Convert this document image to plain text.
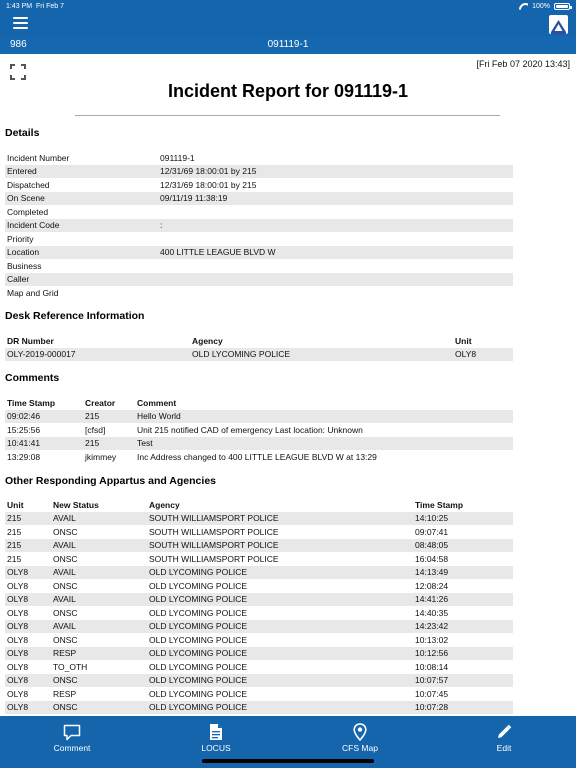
1:43 PM Fri Feb 7	100%
986	091119-1
[Fri Feb 07 2020 13:43]
Incident Report for 091119-1
Details
Incident Number	091119-1
Entered	12/31/69 18:00:01 by 215
Dispatched	12/31/69 18:00:01 by 215
On Scene	09/11/19 11:38:19
Completed	
Incident Code	:
Priority	
Location	400 LITTLE LEAGUE BLVD W
Business	
Caller	
Map and Grid	
Desk Reference Information
DR Number	Agency	Unit
OLY-2019-000017	OLD LYCOMING POLICE	OLY8
Comments
Time Stamp	Creator	Comment
09:02:46	215	Hello World
15:25:56	[cfsd]	Unit 215 notified CAD of emergency Last location: Unknown
10:41:41	215	Test
13:29:08	jkimmey	Inc Address changed to 400 LITTLE LEAGUE BLVD W at 13:29
Other Responding Appartus and Agencies
Unit	New Status	Agency	Time Stamp
215	AVAIL	SOUTH WILLIAMSPORT POLICE	14:10:25
215	ONSC	SOUTH WILLIAMSPORT POLICE	09:07:41
215	AVAIL	SOUTH WILLIAMSPORT POLICE	08:48:05
215	ONSC	SOUTH WILLIAMSPORT POLICE	16:04:58
OLY8	AVAIL	OLD LYCOMING POLICE	14:13:49
OLY8	ONSC	OLD LYCOMING POLICE	12:08:24
OLY8	AVAIL	OLD LYCOMING POLICE	14:41:26
OLY8	ONSC	OLD LYCOMING POLICE	14:40:35
OLY8	AVAIL	OLD LYCOMING POLICE	14:23:42
OLY8	ONSC	OLD LYCOMING POLICE	10:13:02
OLY8	RESP	OLD LYCOMING POLICE	10:12:56
OLY8	TO_OTH	OLD LYCOMING POLICE	10:08:14
OLY8	ONSC	OLD LYCOMING POLICE	10:07:57
OLY8	RESP	OLD LYCOMING POLICE	10:07:45
OLY8	ONSC	OLD LYCOMING POLICE	10:07:28
Comment	LOCUS	CFS Map	Edit
